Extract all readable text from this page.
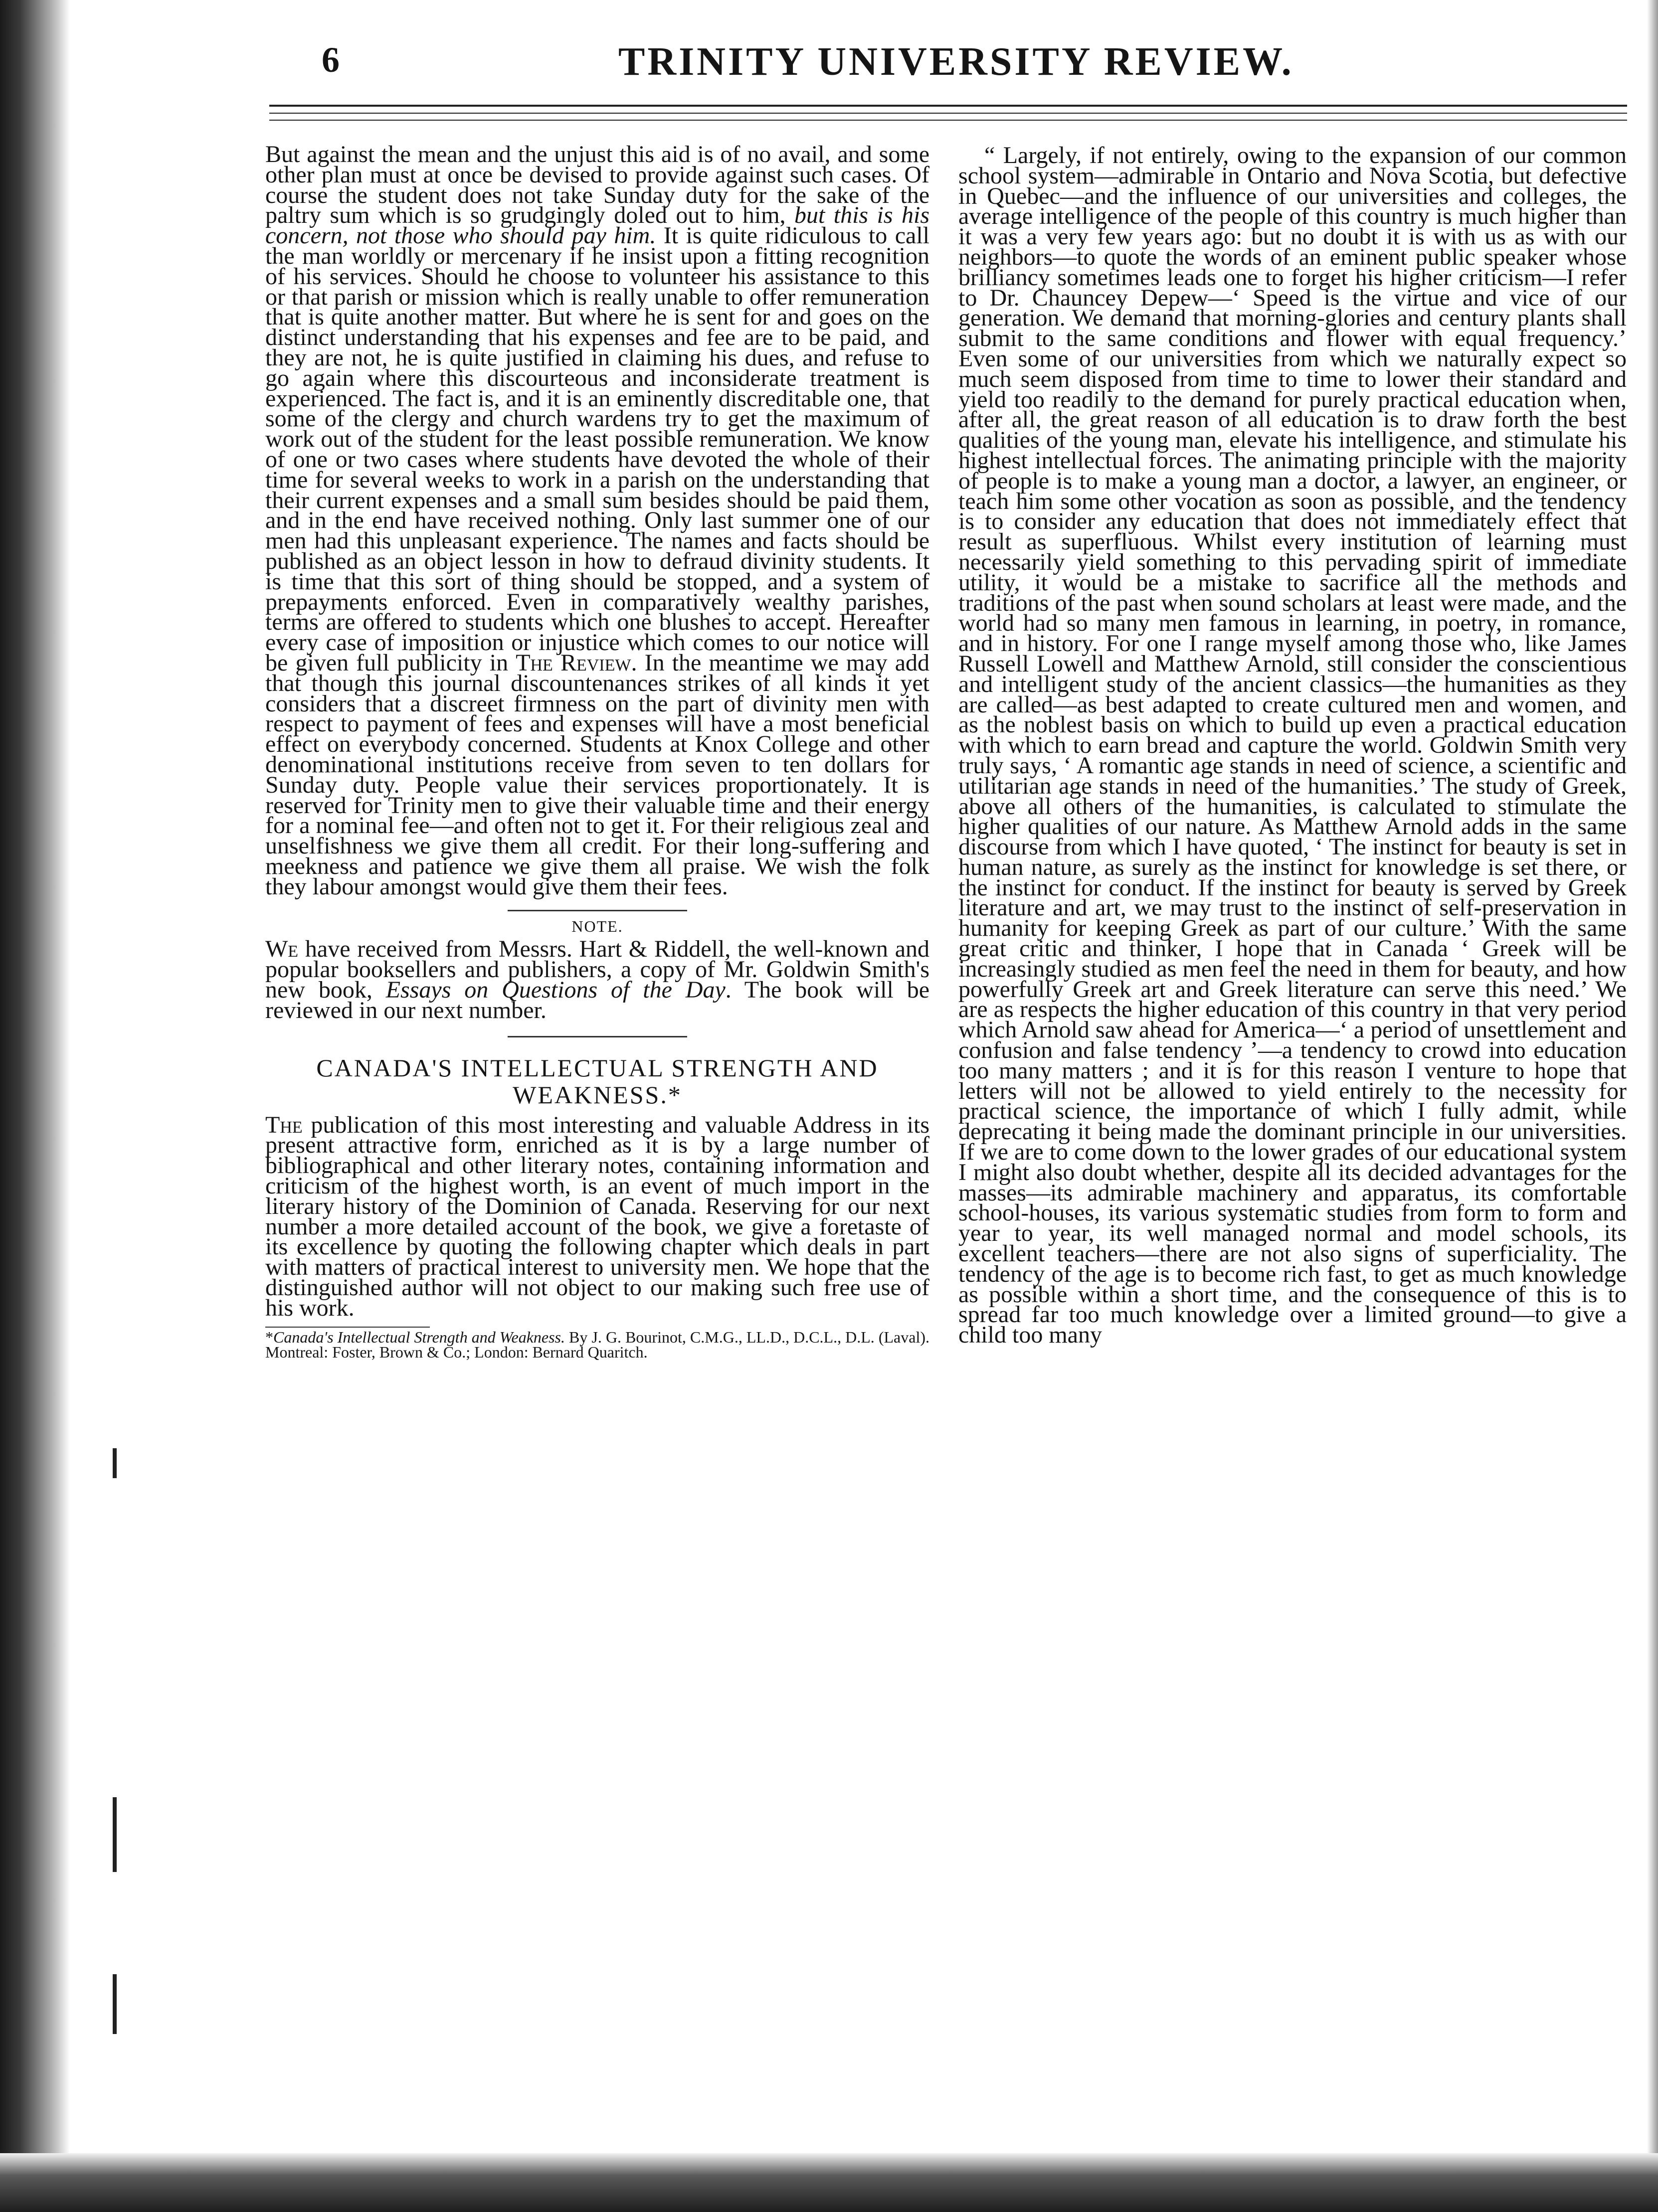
6	TRINITY UNIVERSITY REVIEW.

But against the mean and the unjust this aid is of no avail, and some other plan must at once be devised to provide against such cases. Of course the student does not take Sunday duty for the sake of the paltry sum which is so grudgingly doled out to him, but this is his concern, not those who should pay him. It is quite ridiculous to call the man worldly or mercenary if he insist upon a fitting recognition of his services. Should he choose to volunteer his assistance to this or that parish or mission which is really unable to offer remuneration that is quite another matter. But where he is sent for and goes on the distinct understanding that his expenses and fee are to be paid, and they are not, he is quite justified in claiming his dues, and refuse to go again where this discourteous and inconsiderate treatment is experienced. The fact is, and it is an eminently discreditable one, that some of the clergy and church wardens try to get the maximum of work out of the student for the least possible remuneration. We know of one or two cases where students have devoted the whole of their time for several weeks to work in a parish on the understanding that their current expenses and a small sum besides should be paid them, and in the end have received nothing. Only last summer one of our men had this unpleasant experience. The names and facts should be published as an object lesson in how to defraud divinity students. It is time that this sort of thing should be stopped, and a system of prepayments enforced. Even in comparatively wealthy parishes, terms are offered to students which one blushes to accept. Hereafter every case of imposition or injustice which comes to our notice will be given full publicity in The Review. In the meantime we may add that though this journal discountenances strikes of all kinds it yet considers that a discreet firmness on the part of divinity men with respect to payment of fees and expenses will have a most beneficial effect on everybody concerned. Students at Knox College and other denominational institutions receive from seven to ten dollars for Sunday duty. People value their services proportionately. It is reserved for Trinity men to give their valuable time and their energy for a nominal fee—and often not to get it. For their religious zeal and unselfishness we give them all credit. For their long-suffering and meekness and patience we give them all praise. We wish the folk they labour amongst would give them their fees.

NOTE.

We have received from Messrs. Hart & Riddell, the well-known and popular booksellers and publishers, a copy of Mr. Goldwin Smith's new book, Essays on Questions of the Day. The book will be reviewed in our next number.

CANADA'S INTELLECTUAL STRENGTH AND WEAKNESS.*

The publication of this most interesting and valuable Address in its present attractive form, enriched as it is by a large number of bibliographical and other literary notes, containing information and criticism of the highest worth, is an event of much import in the literary history of the Dominion of Canada. Reserving for our next number a more detailed account of the book, we give a foretaste of its excellence by quoting the following chapter which deals in part with matters of practical interest to university men. We hope that the distinguished author will not object to our making such free use of his work.

*Canada's Intellectual Strength and Weakness. By J. G. Bourinot, C.M.G., LL.D., D.C.L., D.L. (Laval). Montreal: Foster, Brown & Co.; London: Bernard Quaritch.

“ Largely, if not entirely, owing to the expansion of our common school system—admirable in Ontario and Nova Scotia, but defective in Quebec—and the influence of our universities and colleges, the average intelligence of the people of this country is much higher than it was a very few years ago: but no doubt it is with us as with our neighbors—to quote the words of an eminent public speaker whose brilliancy sometimes leads one to forget his higher criticism—I refer to Dr. Chauncey Depew—‘ Speed is the virtue and vice of our generation. We demand that morning-glories and century plants shall submit to the same conditions and flower with equal frequency.’ Even some of our universities from which we naturally expect so much seem disposed from time to time to lower their standard and yield too readily to the demand for purely practical education when, after all, the great reason of all education is to draw forth the best qualities of the young man, elevate his intelligence, and stimulate his highest intellectual forces. The animating principle with the majority of people is to make a young man a doctor, a lawyer, an engineer, or teach him some other vocation as soon as possible, and the tendency is to consider any education that does not immediately effect that result as superfluous. Whilst every institution of learning must necessarily yield something to this pervading spirit of immediate utility, it would be a mistake to sacrifice all the methods and traditions of the past when sound scholars at least were made, and the world had so many men famous in learning, in poetry, in romance, and in history. For one I range myself among those who, like James Russell Lowell and Matthew Arnold, still consider the conscientious and intelligent study of the ancient classics—the humanities as they are called—as best adapted to create cultured men and women, and as the noblest basis on which to build up even a practical education with which to earn bread and capture the world. Goldwin Smith very truly says, ‘ A romantic age stands in need of science, a scientific and utilitarian age stands in need of the humanities.’ The study of Greek, above all others of the humanities, is calculated to stimulate the higher qualities of our nature. As Matthew Arnold adds in the same discourse from which I have quoted, ‘ The instinct for beauty is set in human nature, as surely as the instinct for knowledge is set there, or the instinct for conduct. If the instinct for beauty is served by Greek literature and art, we may trust to the instinct of self-preservation in humanity for keeping Greek as part of our culture.’ With the same great critic and thinker, I hope that in Canada ‘ Greek will be increasingly studied as men feel the need in them for beauty, and how powerfully Greek art and Greek literature can serve this need.’ We are as respects the higher education of this country in that very period which Arnold saw ahead for America—‘ a period of unsettlement and confusion and false tendency ’—a tendency to crowd into education too many matters ; and it is for this reason I venture to hope that letters will not be allowed to yield entirely to the necessity for practical science, the importance of which I fully admit, while deprecating it being made the dominant principle in our universities. If we are to come down to the lower grades of our educational system I might also doubt whether, despite all its decided advantages for the masses—its admirable machinery and apparatus, its comfortable school-houses, its various systematic studies from form to form and year to year, its well managed normal and model schools, its excellent teachers—there are not also signs of superficiality. The tendency of the age is to become rich fast, to get as much knowledge as possible within a short time, and the consequence of this is to spread far too much knowledge over a limited ground—to give a child too many
